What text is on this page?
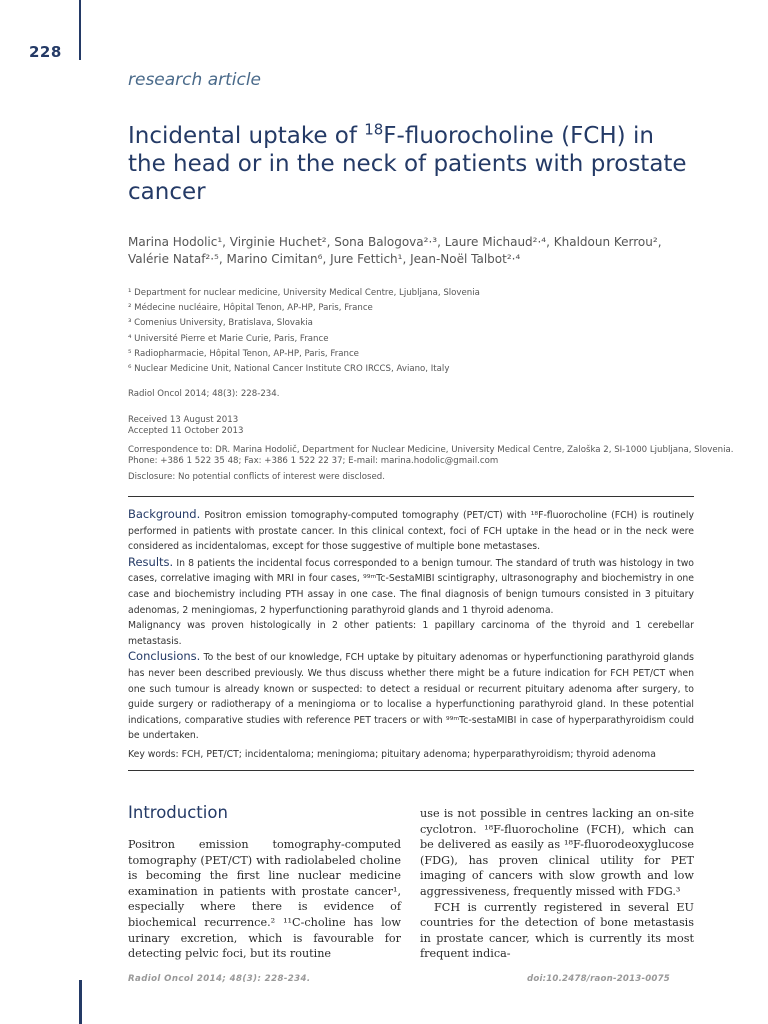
228
research article
Incidental uptake of $^{18}$F-fluorocholine (FCH) in the head or in the neck of patients with prostate cancer
Marina Hodolic¹, Virginie Huchet², Sona Balogova²·³, Laure Michaud²·⁴, Khaldoun Kerrou²,
Valérie Nataf²·⁵, Marino Cimitan⁶, Jure Fettich¹, Jean-Noël Talbot²·⁴
¹ Department for nuclear medicine, University Medical Centre, Ljubljana, Slovenia
² Médecine nucléaire, Hôpital Tenon, AP-HP, Paris, France
³ Comenius University, Bratislava, Slovakia
⁴ Université Pierre et Marie Curie, Paris, France
⁵ Radiopharmacie, Hôpital Tenon, AP-HP, Paris, France
⁶ Nuclear Medicine Unit, National Cancer Institute CRO IRCCS, Aviano, Italy
Radiol Oncol 2014; 48(3): 228-234.
Received 13 August 2013
Accepted 11 October 2013
Correspondence to: DR. Marina Hodolič, Department for Nuclear Medicine, University Medical Centre, Zaloška 2, SI-1000 Ljubljana, Slovenia.
Phone: +386 1 522 35 48; Fax: +386 1 522 22 37; E-mail: marina.hodolic@gmail.com
Disclosure: No potential conflicts of interest were disclosed.

Background. Positron emission tomography-computed tomography (PET/CT) with ¹⁸F-fluorocholine (FCH) is routinely performed in patients with prostate cancer. In this clinical context, foci of FCH uptake in the head or in the neck were considered as incidentalomas, except for those suggestive of multiple bone metastases.

Results. In 8 patients the incidental focus corresponded to a benign tumour. The standard of truth was histology in two cases, correlative imaging with MRI in four cases, ⁹⁹ᵐTc-SestaMIBI scintigraphy, ultrasonography and biochemistry in one case and biochemistry including PTH assay in one case. The final diagnosis of benign tumours consisted in 3 pituitary adenomas, 2 meningiomas, 2 hyperfunctioning parathyroid glands and 1 thyroid adenoma.

Malignancy was proven histologically in 2 other patients: 1 papillary carcinoma of the thyroid and 1 cerebellar metastasis.

Conclusions. To the best of our knowledge, FCH uptake by pituitary adenomas or hyperfunctioning parathyroid glands has never been described previously. We thus discuss whether there might be a future indication for FCH PET/CT when one such tumour is already known or suspected: to detect a residual or recurrent pituitary adenoma after surgery, to guide surgery or radiotherapy of a meningioma or to localise a hyperfunctioning parathyroid gland. In these potential indications, comparative studies with reference PET tracers or with ⁹⁹ᵐTc-sestaMIBI in case of hyperparathyroidism could be undertaken.

Key words: FCH, PET/CT; incidentaloma; meningioma; pituitary adenoma; hyperparathyroidism; thyroid adenoma
Introduction

Positron emission tomography-computed tomography (PET/CT) with radiolabeled choline is becoming the first line nuclear medicine examination in patients with prostate cancer¹, especially where there is evidence of biochemical recurrence.² ¹¹C-choline has low urinary excretion, which is favourable for detecting pelvic foci, but its routine

use is not possible in centres lacking an on-site cyclotron. ¹⁸F-fluorocholine (FCH), which can be delivered as easily as ¹⁸F-fluorodeoxyglucose (FDG), has proven clinical utility for PET imaging of cancers with slow growth and low aggressiveness, frequently missed with FDG.³

FCH is currently registered in several EU countries for the detection of bone metastasis in prostate cancer, which is currently its most frequent indica-

Radiol Oncol 2014; 48(3): 228-234.	doi:10.2478/raon-2013-0075
